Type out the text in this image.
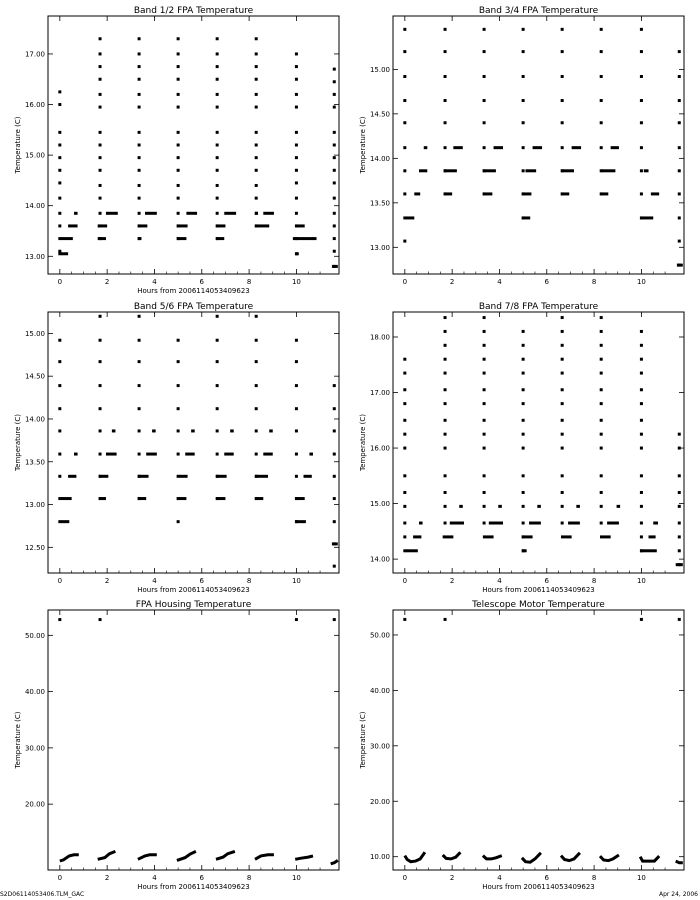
Band 1/2 FPA Temperature
Hours from 2006114053409623
Temperature (C)
0	2	4	6	8	10
13.00
14.00
15.00
16.00
17.00
Band 3/4 FPA Temperature
Temperature (C)
0	2	4	6	8	10
13.00
13.50
14.00
14.50
15.00
Band 5/6 FPA Temperature
Hours from 2006114053409623
Temperature (C)
0	2	4	6	8	10
12.50
13.00
13.50
14.00
14.50
15.00
Band 7/8 FPA Temperature
Hours from 2006114053409623
Temperature (C)
0	2	4	6	8	10
14.00
15.00
16.00
17.00
18.00
FPA Housing Temperature
Hours from 2006114053409623
Temperature (C)
0	2	4	6	8	10
20.00
30.00
40.00
50.00
Telescope Motor Temperature
Hours from 2006114053409623
Temperature (C)
0	2	4	6	8	10
10.00
20.00
30.00
40.00
50.00
S2D06114053406.TLM_GAC	Apr 24, 2006
